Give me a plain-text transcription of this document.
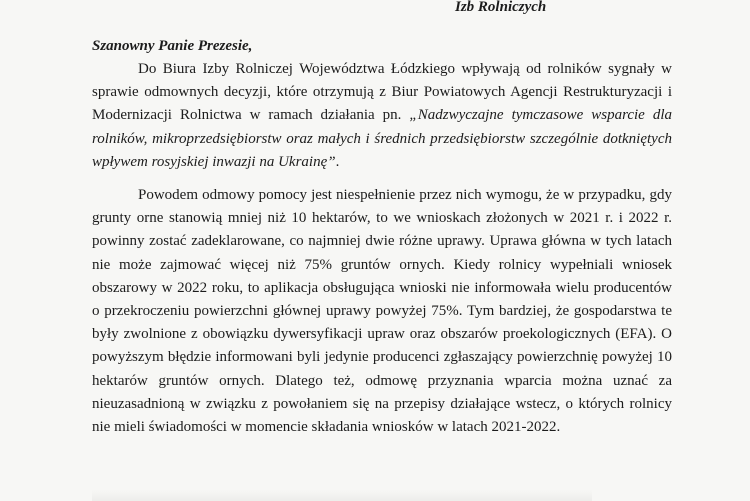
Izb Rolniczych
Szanowny Panie Prezesie,

Do Biura Izby Rolniczej Województwa Łódzkiego wpływają od rolników sygnały w sprawie odmownych decyzji, które otrzymują z Biur Powiatowych Agencji Restrukturyzacji i Modernizacji Rolnictwa w ramach działania pn. „Nadzwyczajne tymczasowe wsparcie dla rolników, mikroprzedsiębiorstw oraz małych i średnich przedsiębiorstw szczególnie dotkniętych wpływem rosyjskiej inwazji na Ukrainę”.

Powodem odmowy pomocy jest niespełnienie przez nich wymogu, że w przypadku, gdy grunty orne stanowią mniej niż 10 hektarów, to we wnioskach złożonych w 2021 r. i 2022 r. powinny zostać zadeklarowane, co najmniej dwie różne uprawy. Uprawa główna w tych latach nie może zajmować więcej niż 75% gruntów ornych. Kiedy rolnicy wypełniali wniosek obszarowy w 2022 roku, to aplikacja obsługująca wnioski nie informowała wielu producentów o przekroczeniu powierzchni głównej uprawy powyżej 75%. Tym bardziej, że gospodarstwa te były zwolnione z obowiązku dywersyfikacji upraw oraz obszarów proekologicznych (EFA). O powyższym błędzie informowani byli jedynie producenci zgłaszający powierzchnię powyżej 10 hektarów gruntów ornych. Dlatego też, odmowę przyznania wparcia można uznać za nieuzasadnioną w związku z powołaniem się na przepisy działające wstecz, o których rolnicy nie mieli świadomości w momencie składania wniosków w latach 2021-2022.
